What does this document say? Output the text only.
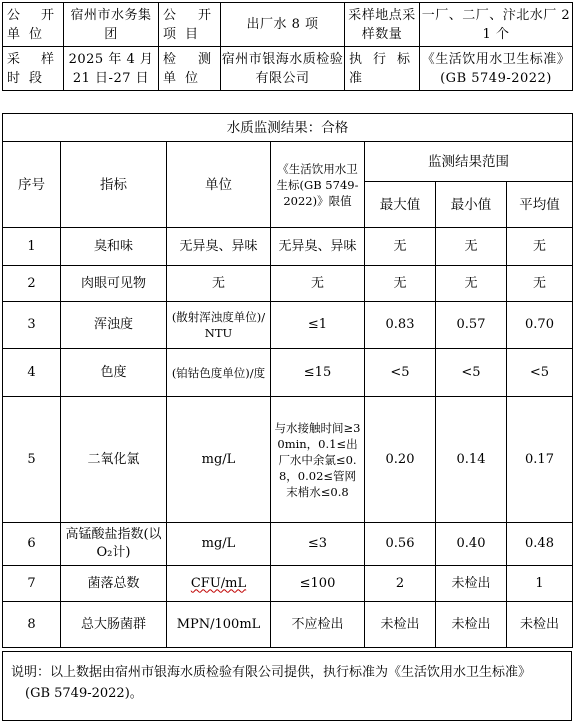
公开单位	宿州市水务集团	公开项目	出厂水 8 项	采样地点采样数量	一厂、二厂、汴北水厂 21 个
采样时段	2025 年 4 月 21 日-27 日	检测单位	宿州市银海水质检验有限公司	执行标准	《生活饮用水卫生标准》(GB 5749-2022)
水质监测结果：合格						
序号	指标	单位	《生活饮用水卫生标(GB 5749-2022)》限值	监测结果范围		
				最大值	最小值	平均值
1	臭和味	无异臭、异味	无异臭、异味	无	无	无
2	肉眼可见物	无	无	无	无	无
3	浑浊度	(散射浑浊度单位)/NTU	≤1	0.83	0.57	0.70
4	色度	(铂钴色度单位)/度	≤15	<5	<5	<5
5	二氧化氯	mg/L	与水接触时间≥30min，0.1≤出厂水中余氯≤0.8，0.02≤管网末梢水≤0.8	0.20	0.14	0.17
6	高锰酸盐指数(以 O₂计)	mg/L	≤3	0.56	0.40	0.48
7	菌落总数	CFU/mL	≤100	2	未检出	1
8	总大肠菌群	MPN/100mL	不应检出	未检出	未检出	未检出
说明：以上数据由宿州市银海水质检验有限公司提供，执行标准为《生活饮用水卫生标准》
(GB 5749-2022)。
